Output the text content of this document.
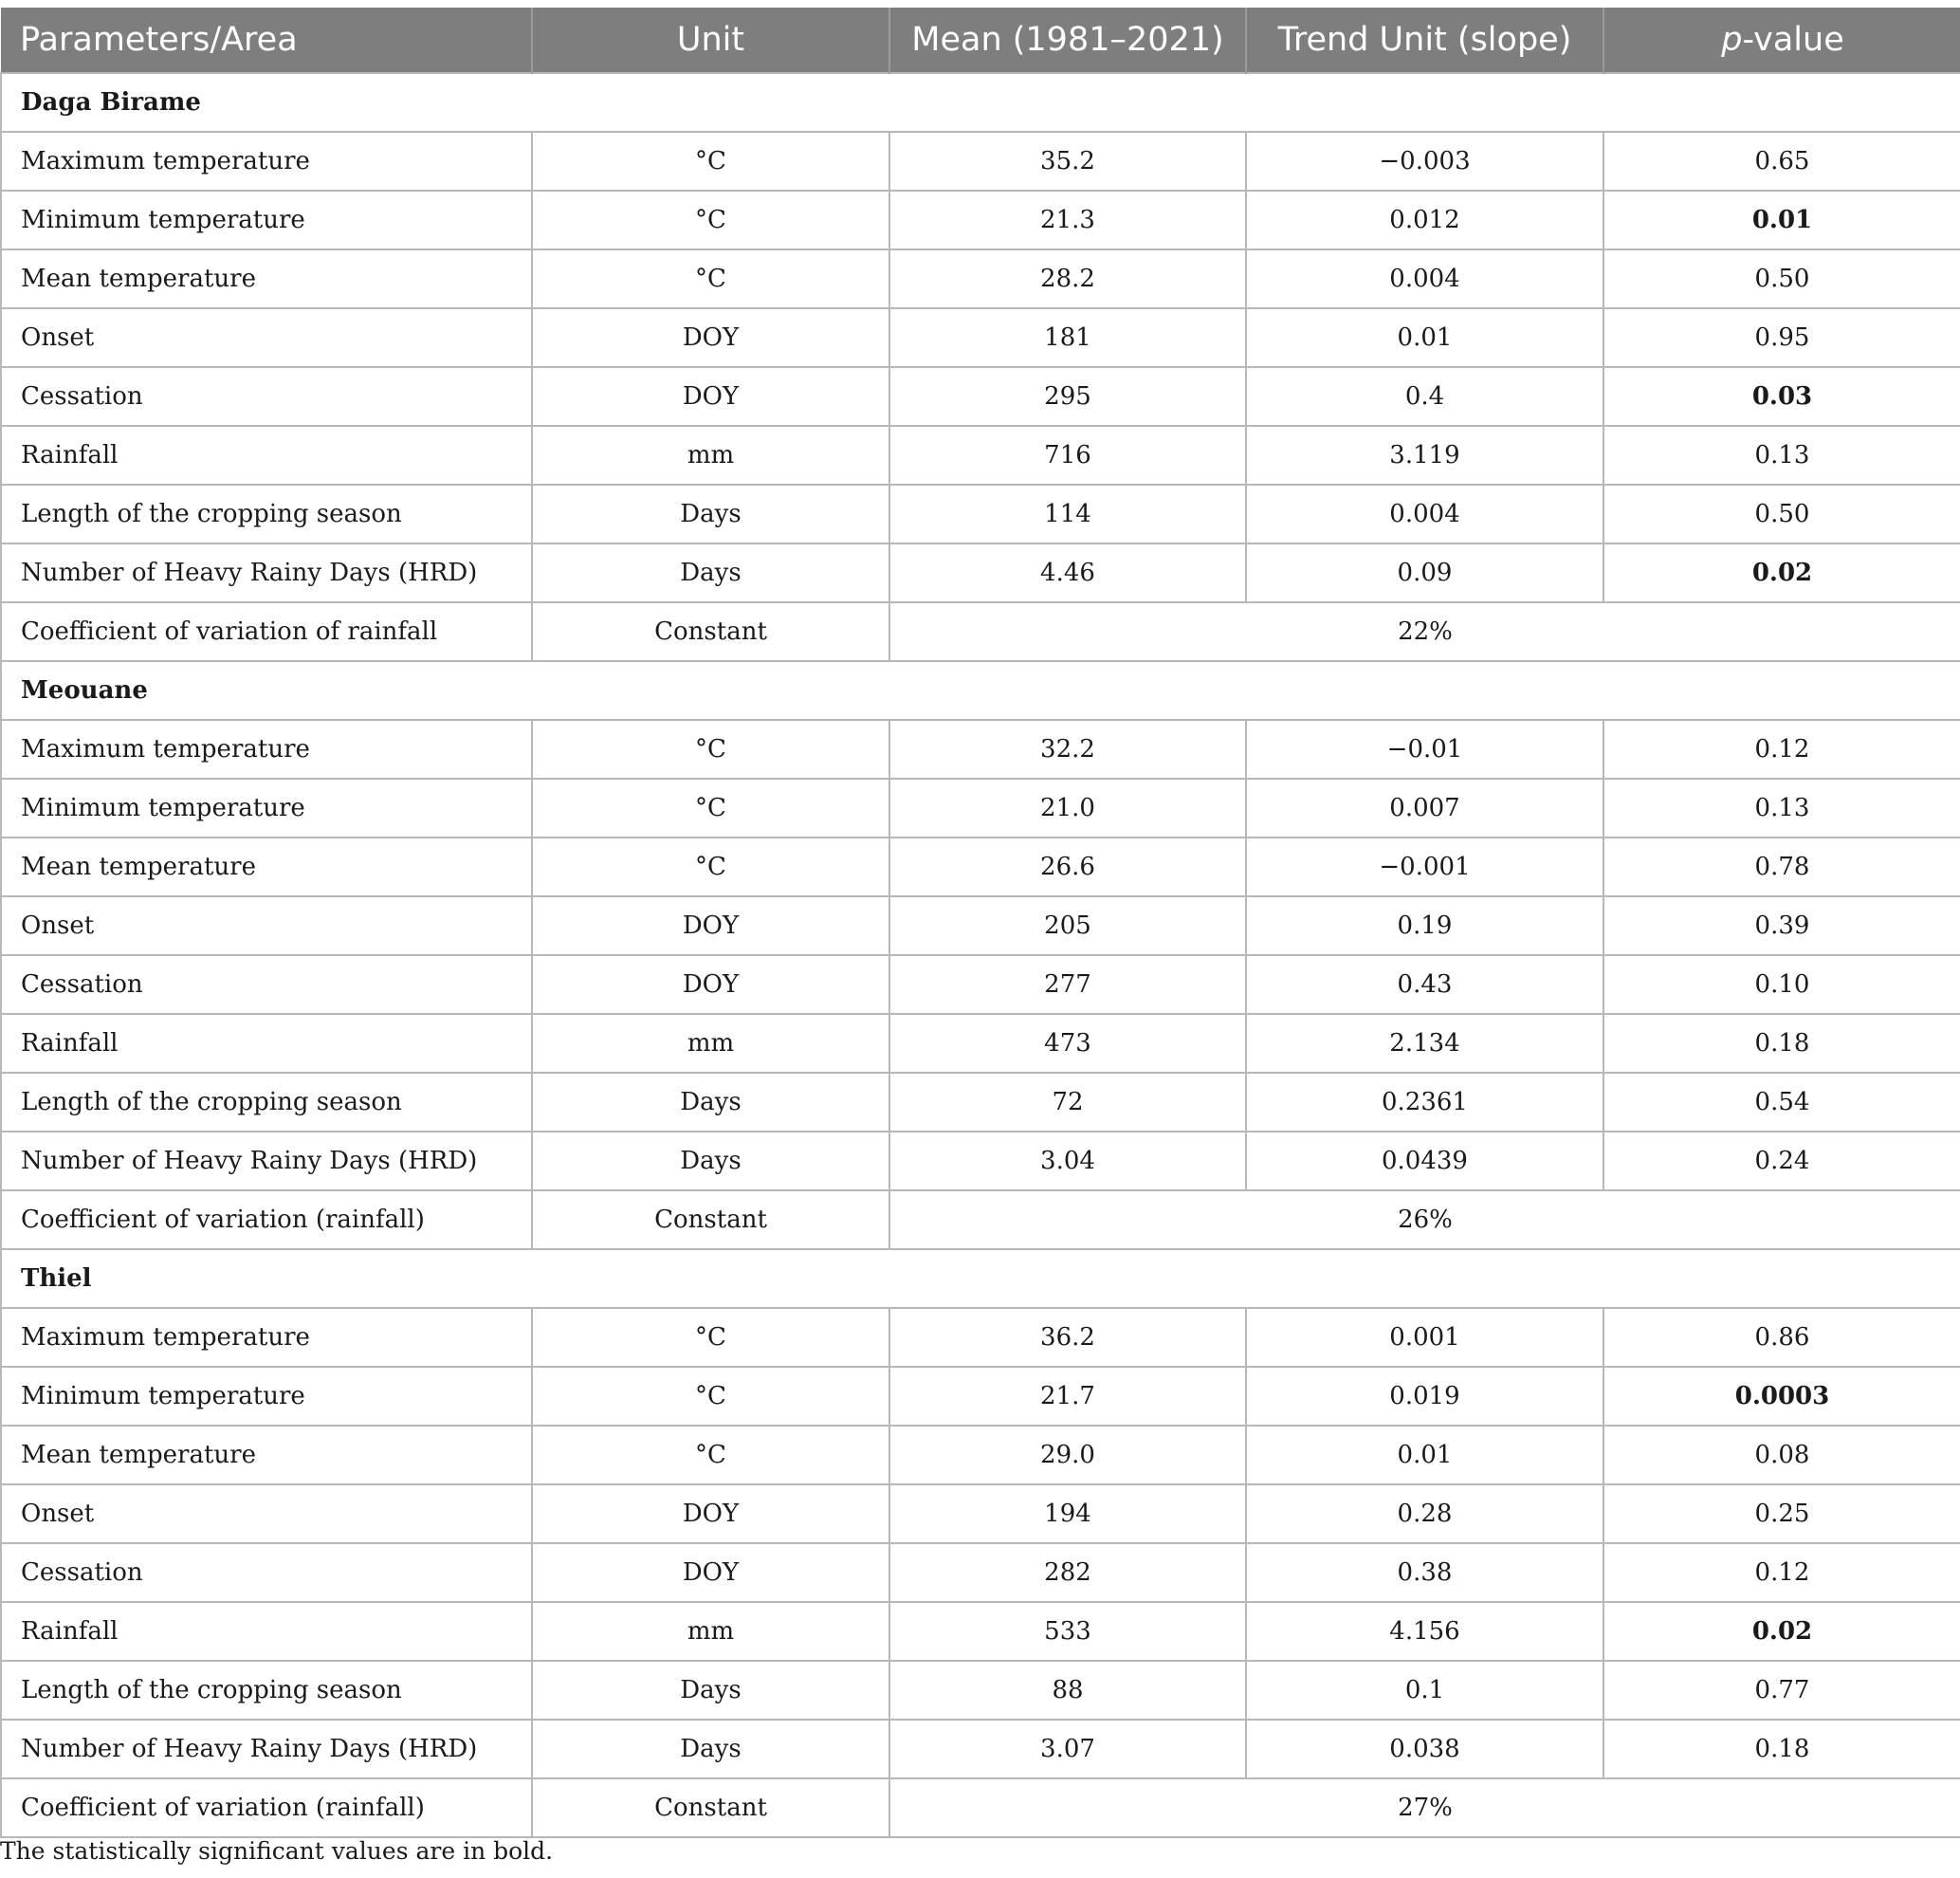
Parameters/Area	Unit	Mean (1981–2021)	Trend Unit (slope)	p-value
Daga Birame				
Maximum temperature	°C	35.2	−0.003	0.65
Minimum temperature	°C	21.3	0.012	0.01
Mean temperature	°C	28.2	0.004	0.50
Onset	DOY	181	0.01	0.95
Cessation	DOY	295	0.4	0.03
Rainfall	mm	716	3.119	0.13
Length of the cropping season	Days	114	0.004	0.50
Number of Heavy Rainy Days (HRD)	Days	4.46	0.09	0.02
Coefficient of variation of rainfall	Constant	22%		
Meouane				
Maximum temperature	°C	32.2	−0.01	0.12
Minimum temperature	°C	21.0	0.007	0.13
Mean temperature	°C	26.6	−0.001	0.78
Onset	DOY	205	0.19	0.39
Cessation	DOY	277	0.43	0.10
Rainfall	mm	473	2.134	0.18
Length of the cropping season	Days	72	0.2361	0.54
Number of Heavy Rainy Days (HRD)	Days	3.04	0.0439	0.24
Coefficient of variation (rainfall)	Constant	26%		
Thiel				
Maximum temperature	°C	36.2	0.001	0.86
Minimum temperature	°C	21.7	0.019	0.0003
Mean temperature	°C	29.0	0.01	0.08
Onset	DOY	194	0.28	0.25
Cessation	DOY	282	0.38	0.12
Rainfall	mm	533	4.156	0.02
Length of the cropping season	Days	88	0.1	0.77
Number of Heavy Rainy Days (HRD)	Days	3.07	0.038	0.18
Coefficient of variation (rainfall)	Constant	27%		

The statistically significant values are in bold.
